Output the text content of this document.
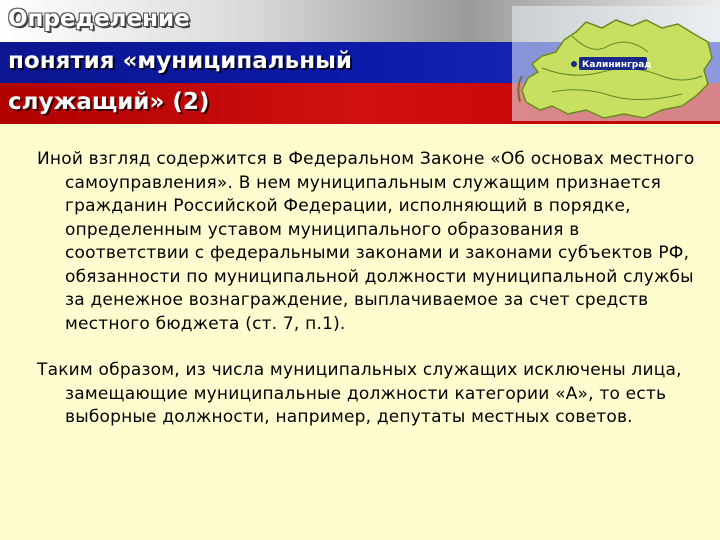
Калининград
Определение
понятия «муниципальный
служащий» (2)

Иной взгляд содержится в Федеральном Законе «Об основах местного самоуправления». В нем муниципальным служащим признается гражданин Российской Федерации, исполняющий в порядке, определенным уставом муниципального образования в соответствии с федеральными законами и законами субъектов РФ, обязанности по муниципальной должности муниципальной службы за денежное вознаграждение, выплачиваемое за счет средств местного бюджета (ст. 7, п.1).

Таким образом, из числа муниципальных служащих исключены лица, замещающие муниципальные должности категории «А», то есть выборные должности, например, депутаты местных советов.
